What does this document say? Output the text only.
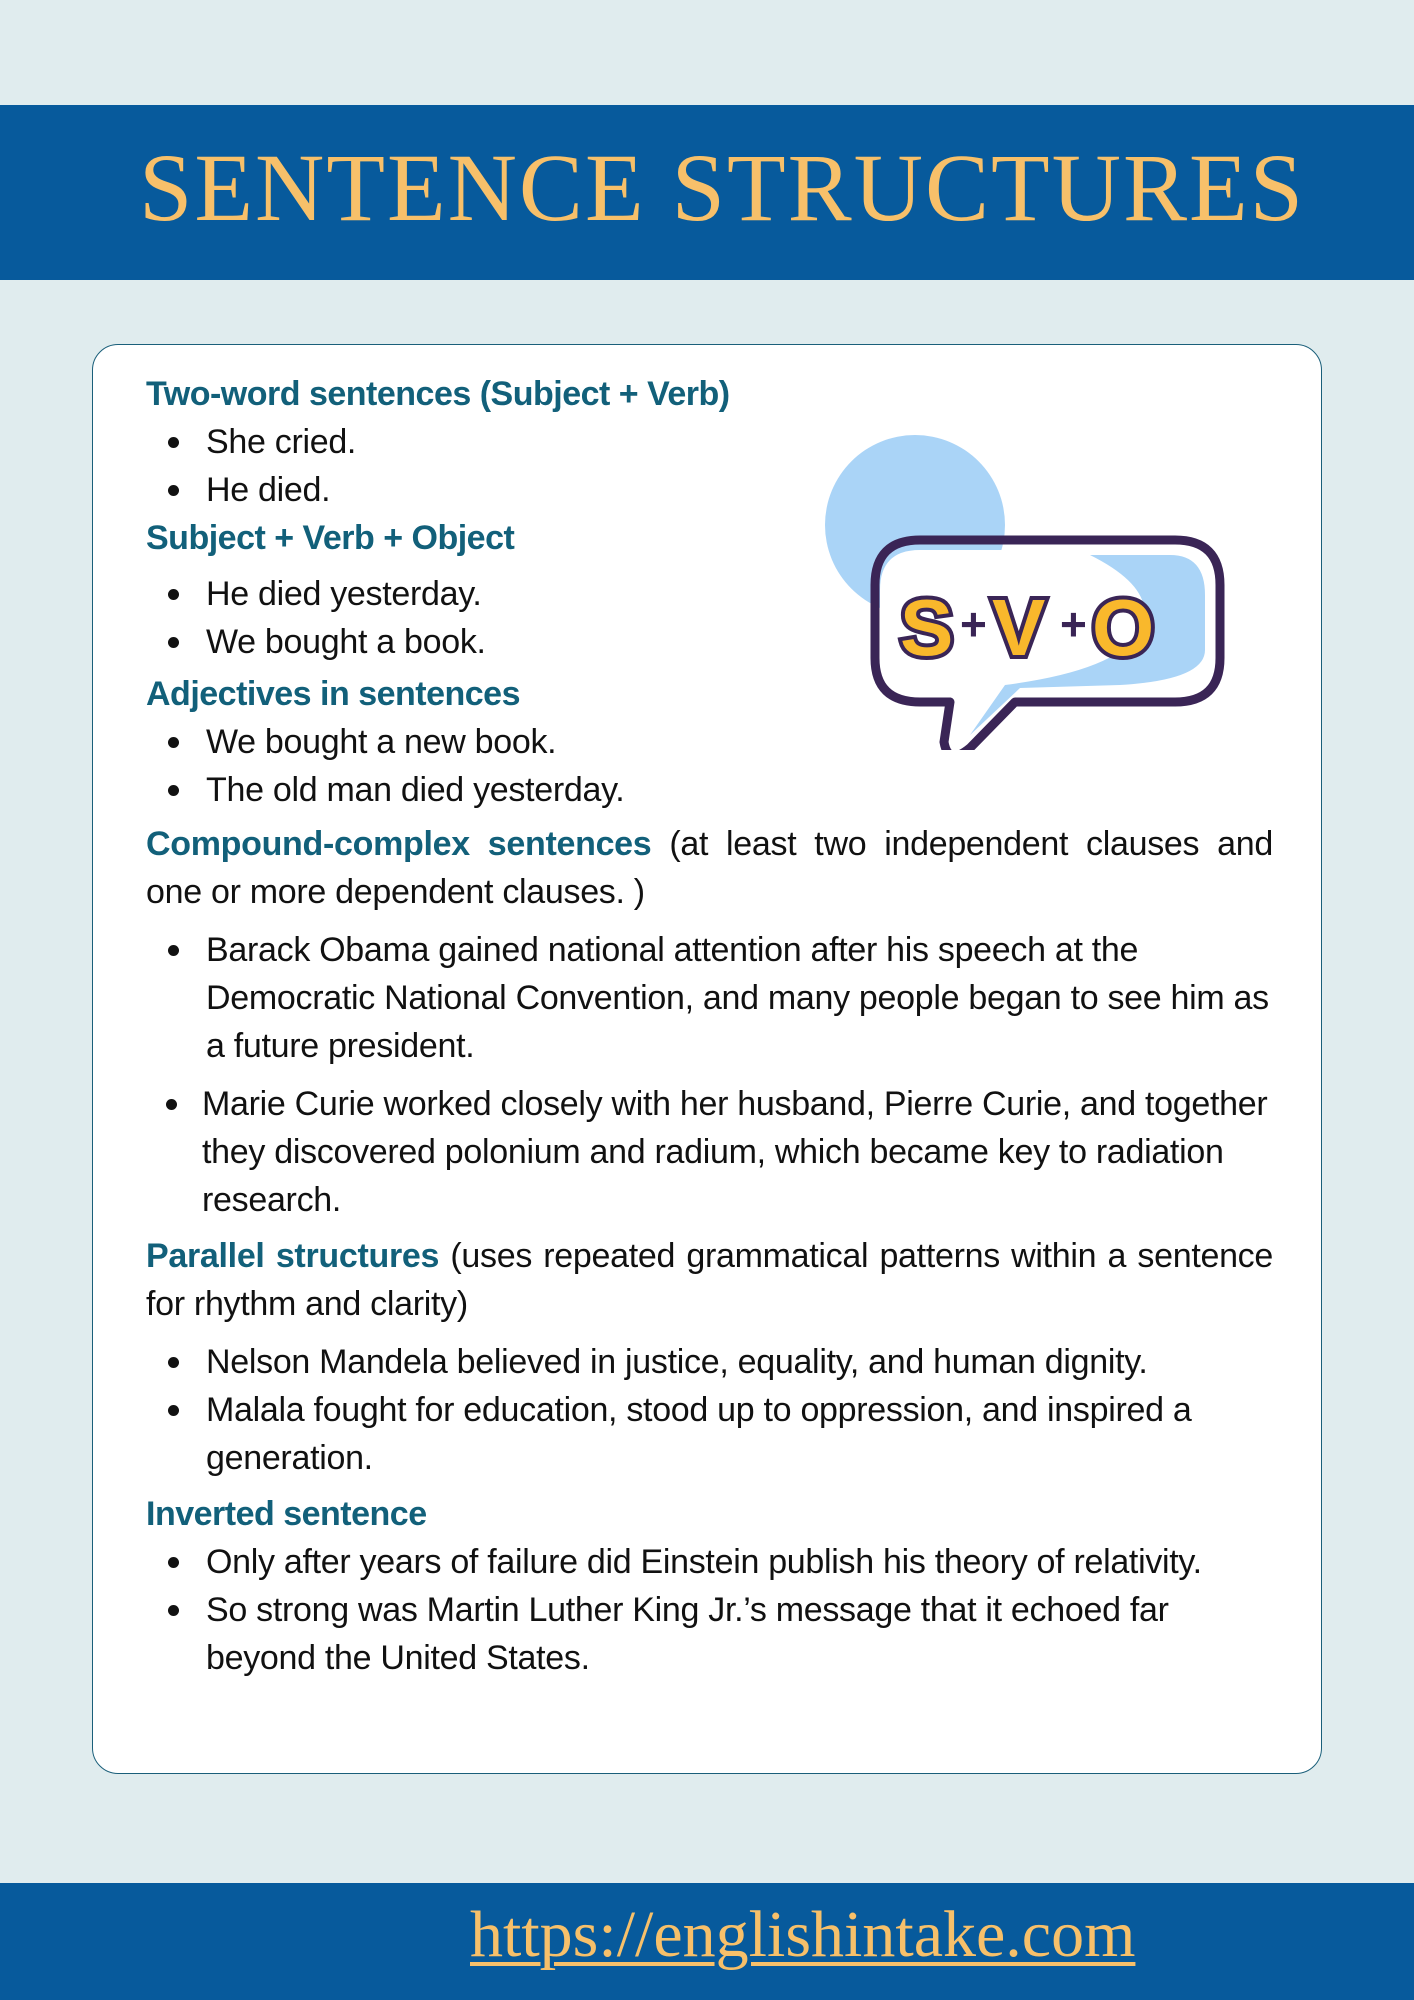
SENTENCE STRUCTURES
S + V + O
Two-word sentences (Subject + Verb)
She cried.
He died.
Subject + Verb + Object
He died yesterday.
We bought a book.
Adjectives in sentences
We bought a new book.
The old man died yesterday.

Compound-complex sentences (at least two independent clauses and one or more dependent clauses. )

Barack Obama gained national attention after his speech at the Democratic National Convention, and many people began to see him as a future president.
Marie Curie worked closely with her husband, Pierre Curie, and together they discovered polonium and radium, which became key to radiation research.

Parallel structures (uses repeated grammatical patterns within a sentence for rhythm and clarity)

Nelson Mandela believed in justice, equality, and human dignity.
Malala fought for education, stood up to oppression, and inspired a generation.
Inverted sentence
Only after years of failure did Einstein publish his theory of relativity.
So strong was Martin Luther King Jr.’s message that it echoed far beyond the United States.
https://englishintake.com
